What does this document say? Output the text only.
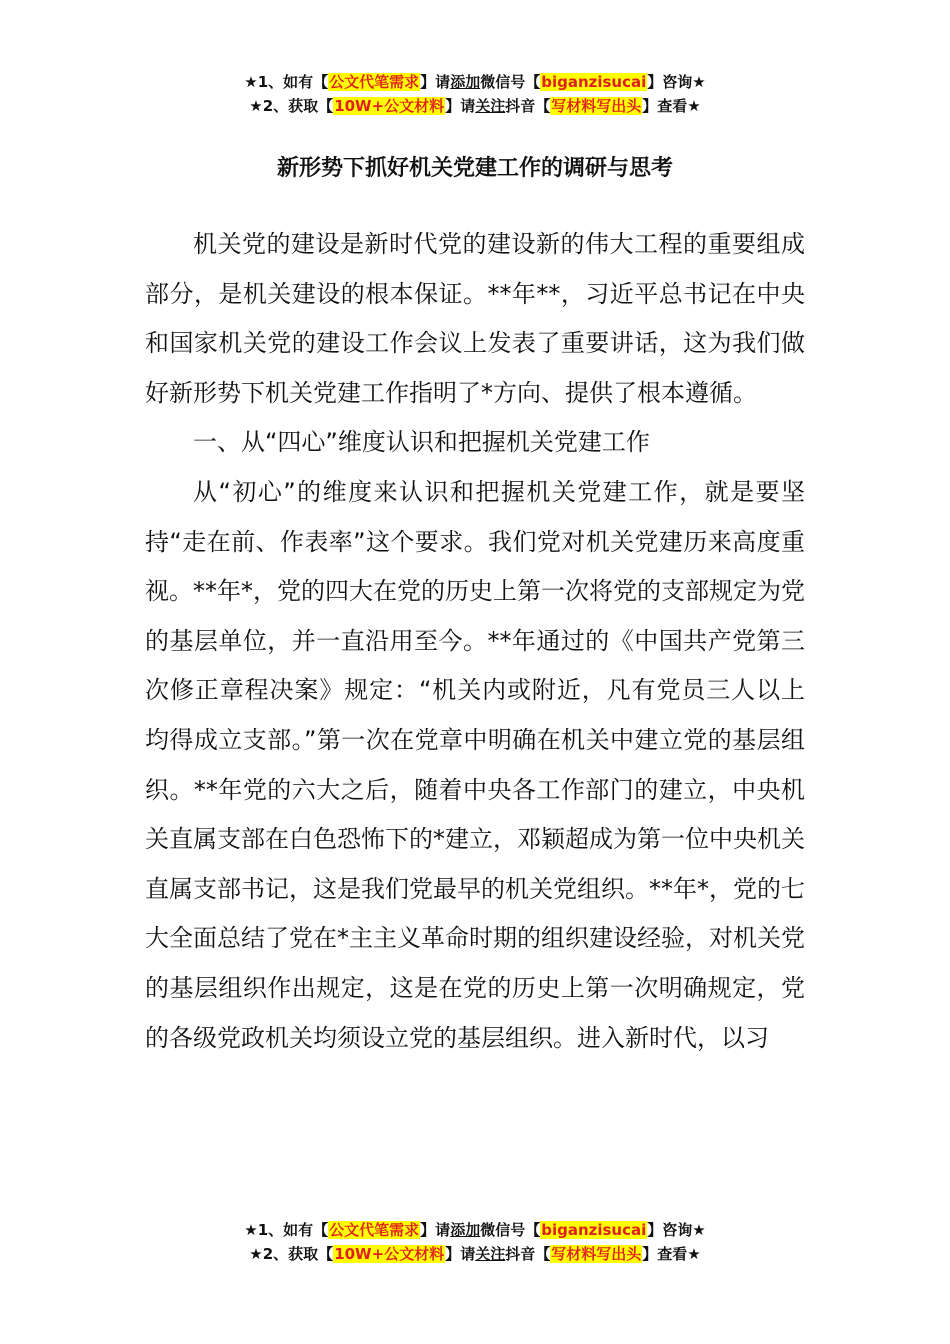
★1、如有【公文代笔需求】请添加微信号【biganzisucai】咨询★
★2、获取【10W+公文材料】请关注抖音【写材料写出头】查看★
新形势下抓好机关党建工作的调研与思考

机关党的建设是新时代党的建设新的伟大工程的重要组成部分，是机关建设的根本保证。**年**，习近平总书记在中央和国家机关党的建设工作会议上发表了重要讲话，这为我们做好新形势下机关党建工作指明了*方向、提供了根本遵循。

一、从“四心”维度认识和把握机关党建工作

从“初心”的维度来认识和把握机关党建工作，就是要坚持“走在前、作表率”这个要求。我们党对机关党建历来高度重视。**年*，党的四大在党的历史上第一次将党的支部规定为党的基层单位，并一直沿用至今。**年通过的《中国共产党第三次修正章程决案》规定：“机关内或附近，凡有党员三人以上均得成立支部。”第一次在党章中明确在机关中建立党的基层组织。**年党的六大之后，随着中央各工作部门的建立，中央机关直属支部在白色恐怖下的*建立，邓颖超成为第一位中央机关直属支部书记，这是我们党最早的机关党组织。**年*，党的七大全面总结了党在*主主义革命时期的组织建设经验，对机关党的基层组织作出规定，这是在党的历史上第一次明确规定，党的各级党政机关均须设立党的基层组织。进入新时代，以习

★1、如有【公文代笔需求】请添加微信号【biganzisucai】咨询★
★2、获取【10W+公文材料】请关注抖音【写材料写出头】查看★
